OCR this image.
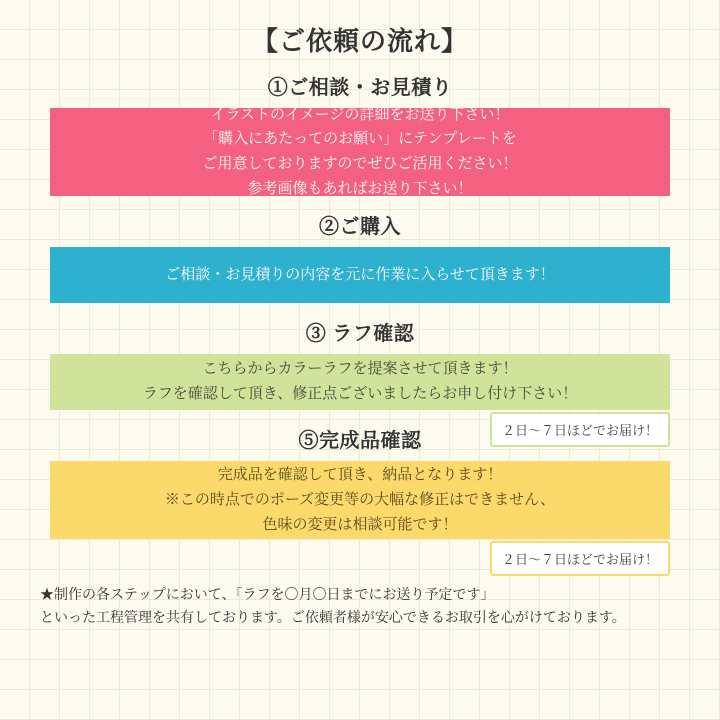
【ご依頼の流れ】
①ご相談・お見積り
イラストのイメージの詳細をお送り下さい！
「購入にあたってのお願い」にテンプレートを
ご用意しておりますのでぜひご活用ください！
参考画像もあればお送り下さい！
②ご購入
ご相談・お見積りの内容を元に作業に入らせて頂きます！
③ ラフ確認
こちらからカラーラフを提案させて頂きます！
ラフを確認して頂き、修正点ございましたらお申し付け下さい！
２日〜７日ほどでお届け！
⑤完成品確認
完成品を確認して頂き、納品となります！
※この時点でのポーズ変更等の大幅な修正はできません、
色味の変更は相談可能です！
２日〜７日ほどでお届け！
★制作の各ステップにおいて、「ラフを〇月〇日までにお送り予定です」
といった工程管理を共有しております。ご依頼者様が安心できるお取引を心がけております。
